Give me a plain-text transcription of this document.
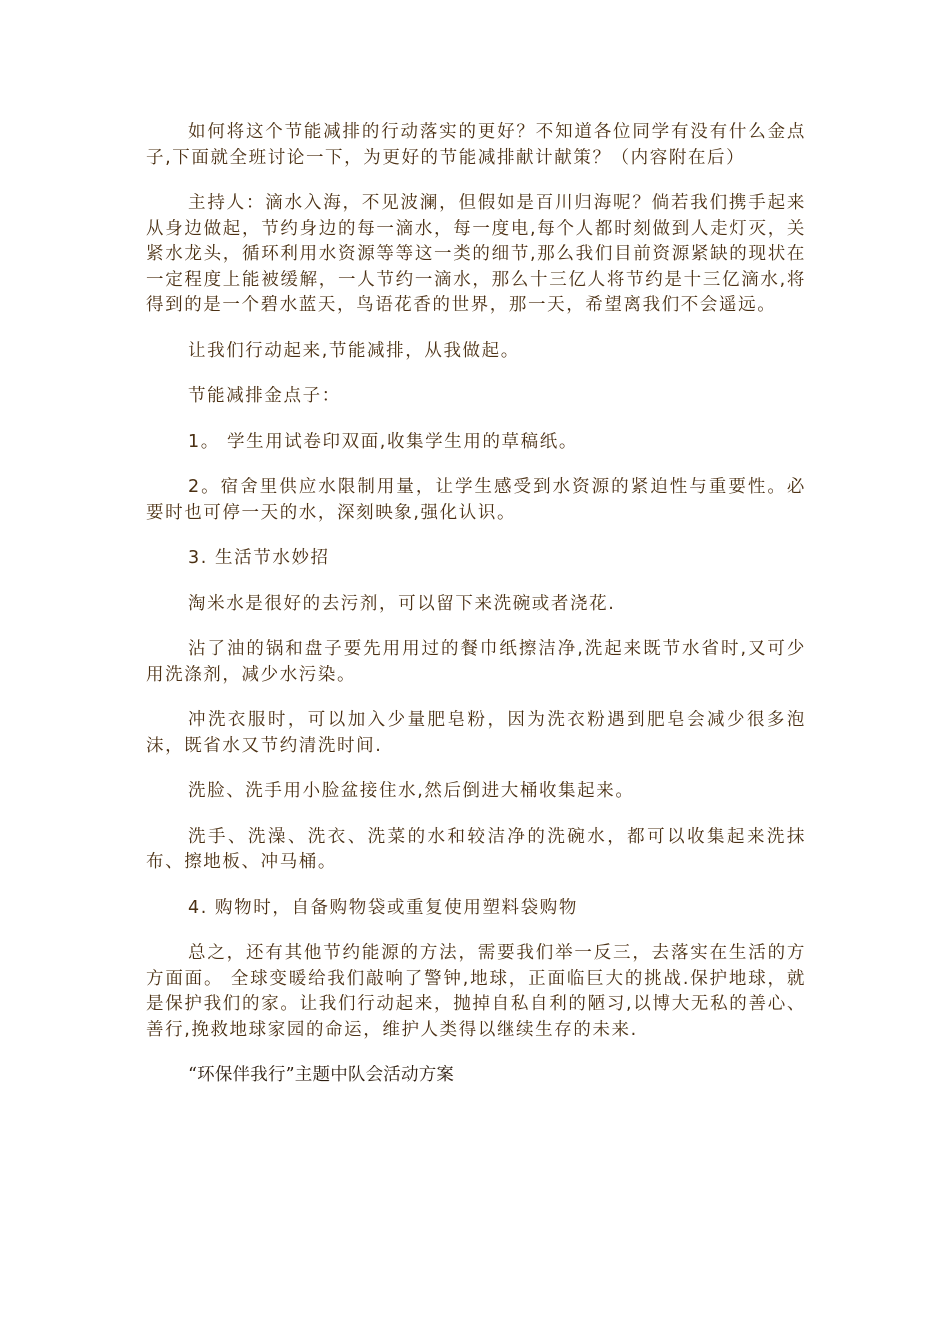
如何将这个节能减排的行动落实的更好？不知道各位同学有没有什么金点子,下面就全班讨论一下，为更好的节能减排献计献策？（内容附在后）

主持人：滴水入海，不见波澜，但假如是百川归海呢？倘若我们携手起来从身边做起，节约身边的每一滴水，每一度电,每个人都时刻做到人走灯灭，关紧水龙头，循环利用水资源等等这一类的细节,那么我们目前资源紧缺的现状在一定程度上能被缓解，一人节约一滴水，那么十三亿人将节约是十三亿滴水,将得到的是一个碧水蓝天，鸟语花香的世界，那一天，希望离我们不会遥远。

让我们行动起来,节能减排，从我做起。

节能减排金点子：

1。 学生用试卷印双面,收集学生用的草稿纸。

2。宿舍里供应水限制用量，让学生感受到水资源的紧迫性与重要性。必要时也可停一天的水，深刻映象,强化认识。

3. 生活节水妙招

淘米水是很好的去污剂，可以留下来洗碗或者浇花.

沾了油的锅和盘子要先用用过的餐巾纸擦洁净,洗起来既节水省时,又可少用洗涤剂，减少水污染。

冲洗衣服时，可以加入少量肥皂粉，因为洗衣粉遇到肥皂会减少很多泡沫，既省水又节约清洗时间.

洗脸、洗手用小脸盆接住水,然后倒进大桶收集起来。

洗手、洗澡、洗衣、洗菜的水和较洁净的洗碗水，都可以收集起来洗抹布、擦地板、冲马桶。

4. 购物时，自备购物袋或重复使用塑料袋购物

总之，还有其他节约能源的方法，需要我们举一反三，去落实在生活的方方面面。 全球变暖给我们敲响了警钟,地球，正面临巨大的挑战.保护地球，就是保护我们的家。让我们行动起来，抛掉自私自利的陋习,以博大无私的善心、善行,挽救地球家园的命运，维护人类得以继续生存的未来.

“环保伴我行”主题中队会活动方案
